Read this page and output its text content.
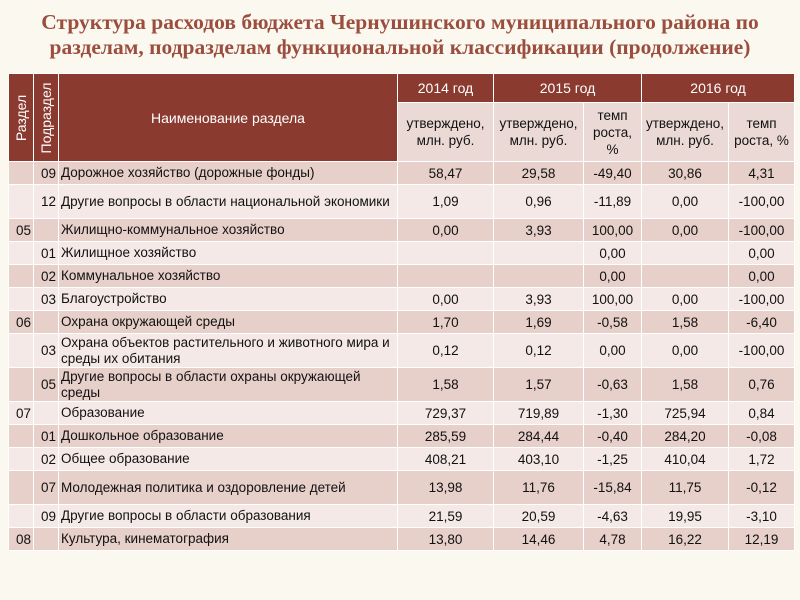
Структура расходов бюджета Чернушинского муниципального района по
разделам, подразделам функциональной классификации (продолжение)
Раздел	Подраздел	Наименование раздела	2014 год	2015 год		2016 год	
			утверждено, млн. руб.	утверждено, млн. руб.	темп роста, %	утверждено, млн. руб.	темп роста, %
	09	Дорожное хозяйство (дорожные фонды)	58,47	29,58	-49,40	30,86	4,31
	12	Другие вопросы в области национальной экономики	1,09	0,96	-11,89	0,00	-100,00
05		Жилищно-коммунальное хозяйство	0,00	3,93	100,00	0,00	-100,00
	01	Жилищное хозяйство			0,00		0,00
	02	Коммунальное хозяйство			0,00		0,00
	03	Благоустройство	0,00	3,93	100,00	0,00	-100,00
06		Охрана окружающей среды	1,70	1,69	-0,58	1,58	-6,40
	03	Охрана объектов растительного и животного мира и среды их обитания	0,12	0,12	0,00	0,00	-100,00
	05	Другие вопросы в области охраны окружающей среды	1,58	1,57	-0,63	1,58	0,76
07		Образование	729,37	719,89	-1,30	725,94	0,84
	01	Дошкольное образование	285,59	284,44	-0,40	284,20	-0,08
	02	Общее образование	408,21	403,10	-1,25	410,04	1,72
	07	Молодежная политика и оздоровление детей	13,98	11,76	-15,84	11,75	-0,12
	09	Другие вопросы в области образования	21,59	20,59	-4,63	19,95	-3,10
08		Культура, кинематография	13,80	14,46	4,78	16,22	12,19
